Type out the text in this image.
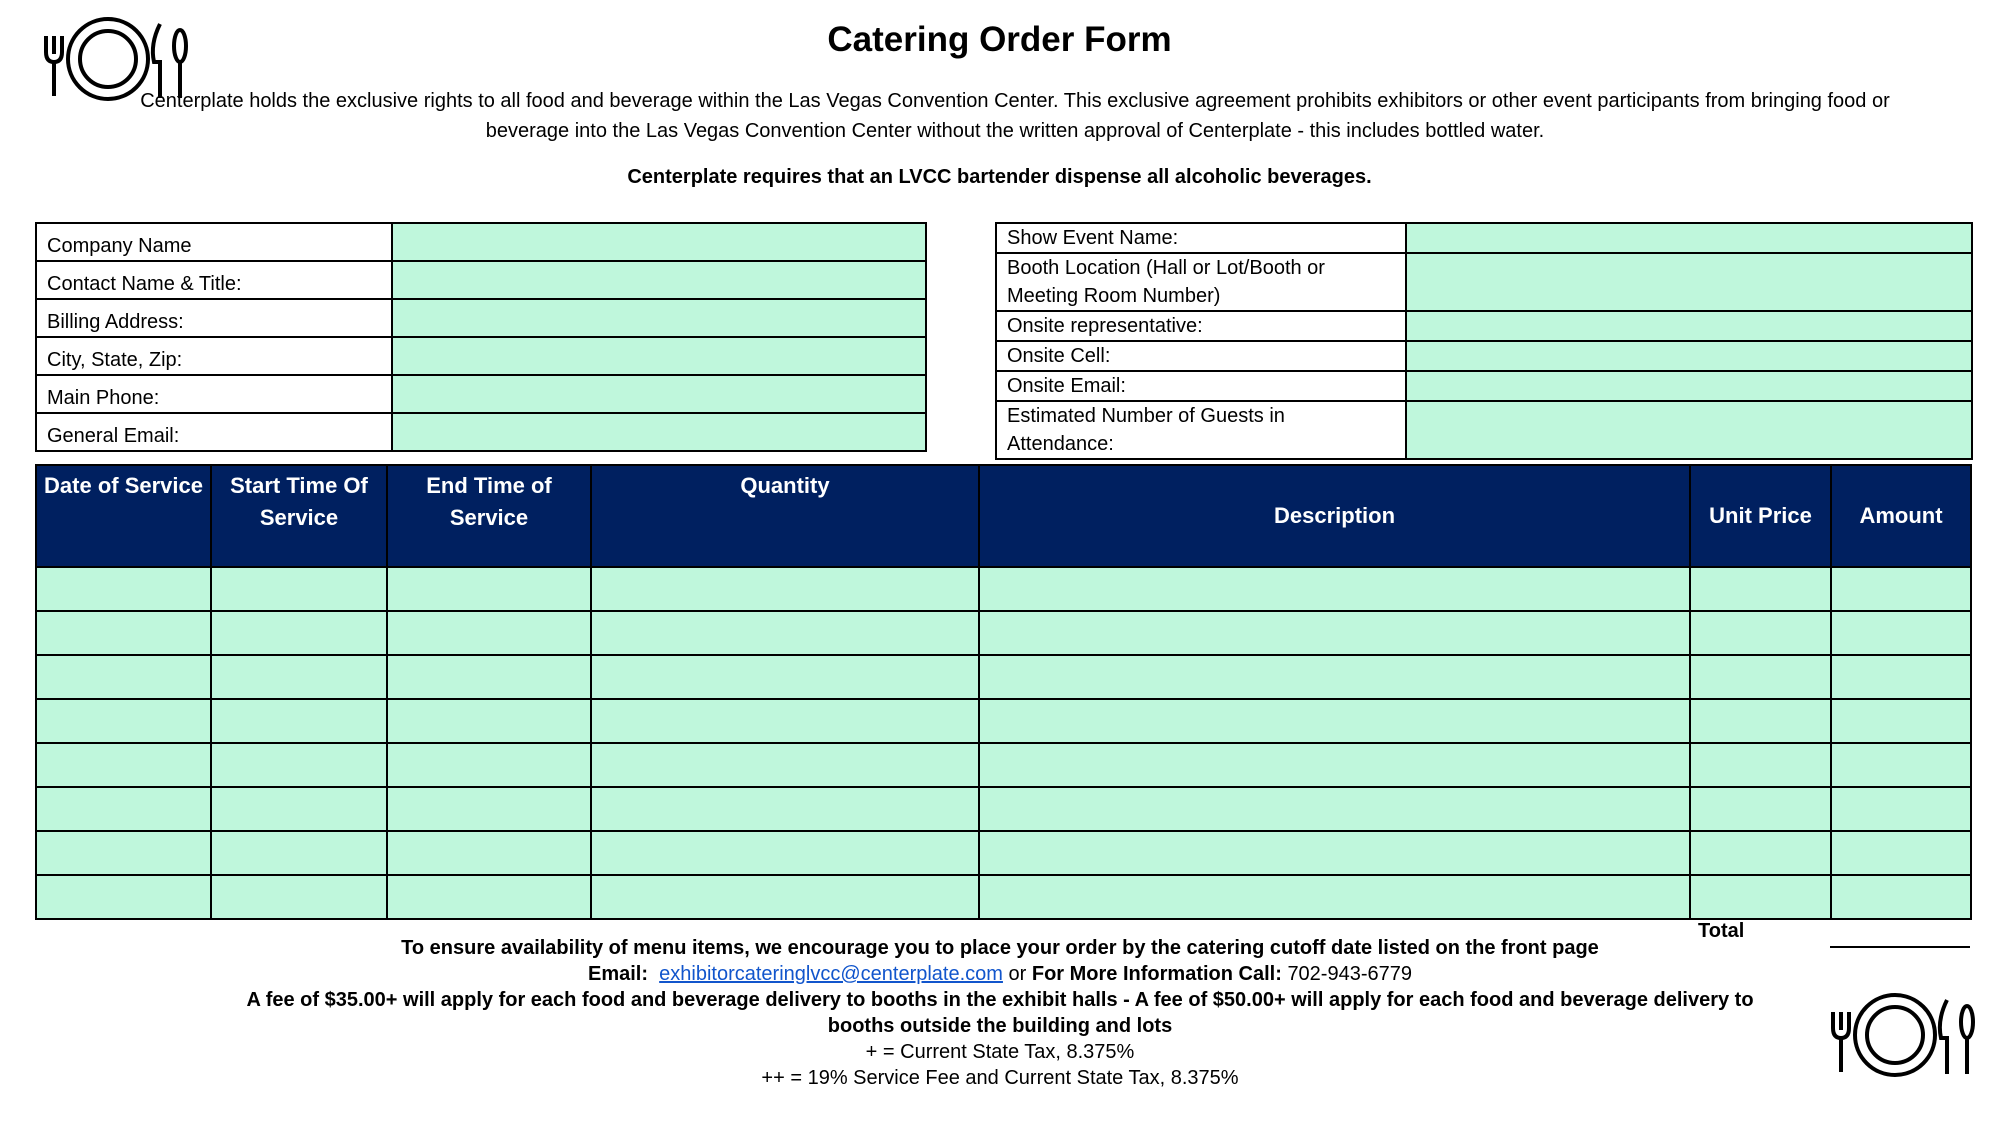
Catering Order Form
Centerplate holds the exclusive rights to all food and beverage within the Las Vegas Convention Center. This exclusive agreement prohibits exhibitors or other event participants from bringing food or beverage into the Las Vegas Convention Center without the written approval of Centerplate - this includes bottled water.
Centerplate requires that an LVCC bartender dispense all alcoholic beverages.
Company Name	
Contact Name & Title:	
Billing Address:	
City, State, Zip:	
Main Phone:	
General Email:	
Show Event Name:	
Booth Location (Hall or Lot/Booth or Meeting Room Number)	
Onsite representative:	
Onsite Cell:	
Onsite Email:	
Estimated Number of Guests in Attendance:	
Date of Service	Start Time Of Service	End Time of Service	Quantity	Description	Unit Price	Amount

Total
To ensure availability of menu items, we encourage you to place your order by the catering cutoff date listed on the front page
Email: exhibitorcateringlvcc@centerplate.com or For More Information Call: 702-943-6779
A fee of $35.00+ will apply for each food and beverage delivery to booths in the exhibit halls - A fee of $50.00+ will apply for each food and beverage delivery to booths outside the building and lots
+ = Current State Tax, 8.375%
++ = 19% Service Fee and Current State Tax, 8.375%
